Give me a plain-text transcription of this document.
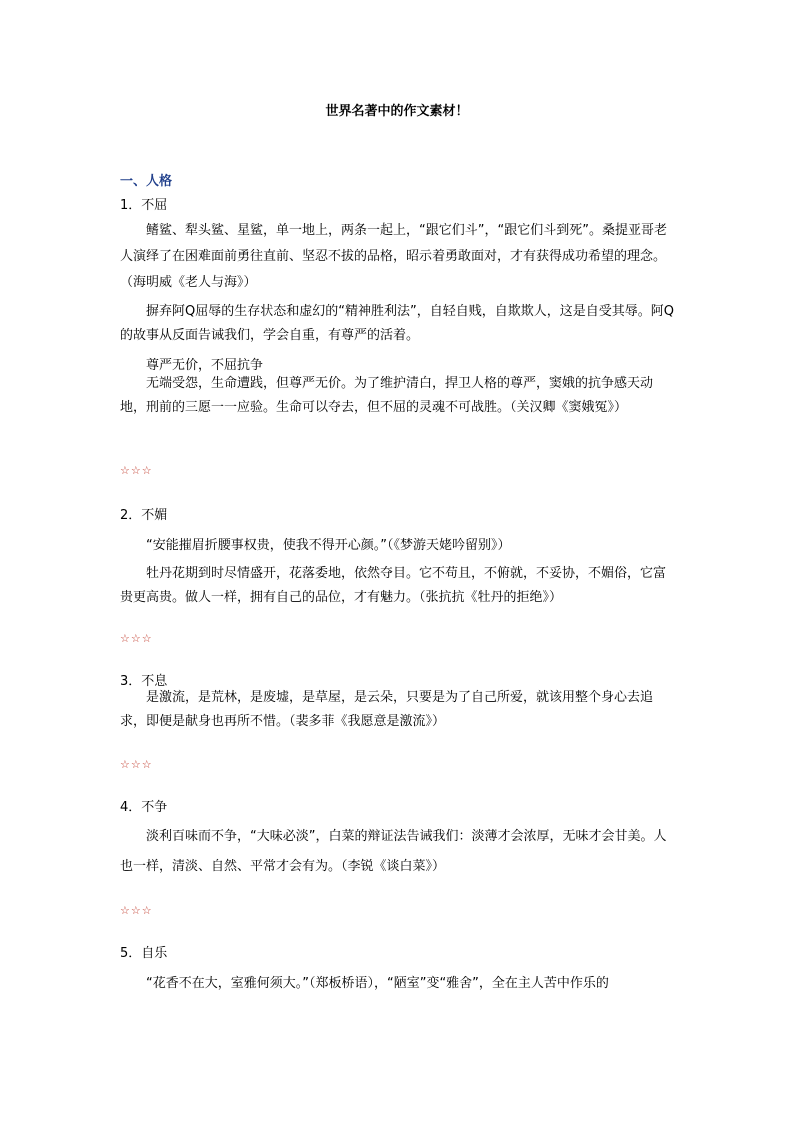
世界名著中的作文素材！
一、人格
1．不屈
鳍鲨、犁头鲨、星鲨，单一地上，两条一起上，“跟它们斗”，“跟它们斗到死”。桑提亚哥老人演绎了在困难面前勇往直前、坚忍不拔的品格，昭示着勇敢面对，才有获得成功希望的理念。（海明威《老人与海》）
摒弃阿Q屈辱的生存状态和虚幻的“精神胜利法”，自轻自贱，自欺欺人，这是自受其辱。阿Q的故事从反面告诫我们，学会自重，有尊严的活着。
尊严无价，不屈抗争
无端受怨，生命遭践，但尊严无价。为了维护清白，捍卫人格的尊严，窦娥的抗争感天动地，刑前的三愿一一应验。生命可以夺去，但不屈的灵魂不可战胜。（关汉卿《窦娥冤》）
☆☆☆
2．不媚
“安能摧眉折腰事权贵，使我不得开心颜。”（《梦游天姥吟留别》）
牡丹花期到时尽情盛开，花落委地，依然夺目。它不苟且，不俯就，不妥协，不媚俗，它富贵更高贵。做人一样，拥有自己的品位，才有魅力。（张抗抗《牡丹的拒绝》）
☆☆☆
3．不息
是激流，是荒林，是废墟，是草屋，是云朵，只要是为了自己所爱，就该用整个身心去追求，即便是献身也再所不惜。（裴多菲《我愿意是激流》）
☆☆☆
4．不争
淡利百味而不争，“大味必淡”，白菜的辩证法告诫我们：淡薄才会浓厚，无味才会甘美。人也一样，清淡、自然、平常才会有为。（李锐《谈白菜》）
☆☆☆
5．自乐
“花香不在大，室雅何须大。”（郑板桥语），“陋室”变“雅舍”，全在主人苦中作乐的
